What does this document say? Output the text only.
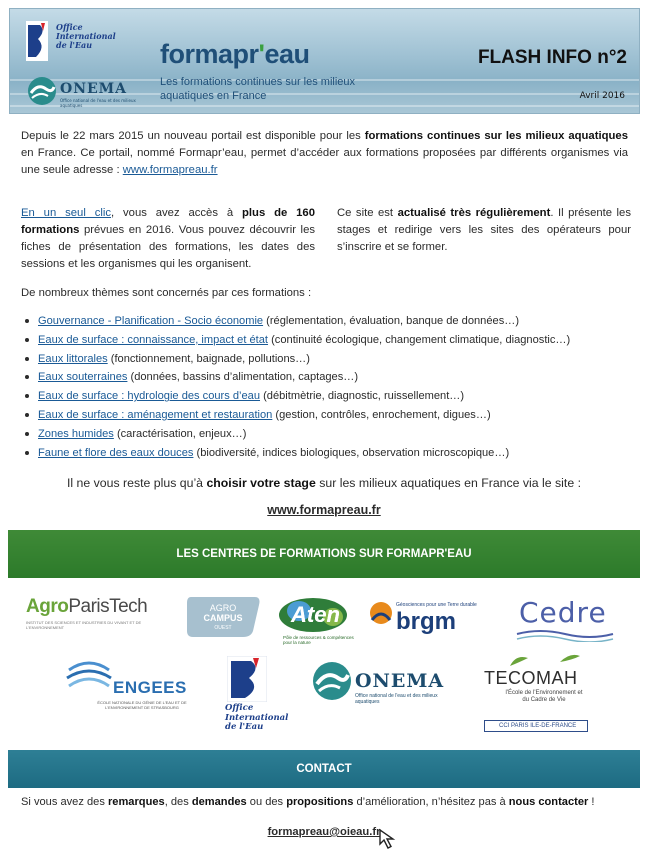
Office
International
de l'Eau
ONEMA
Office national de l'eau et des milieux aquatiques
formapr'eau
Les formations continues sur les milieux aquatiques en France
FLASH INFO n°2
Avril 2016

Depuis le 22 mars 2015 un nouveau portail est disponible pour les formations continues sur les milieux aquatiques en France. Ce portail, nommé Formapr’eau, permet d’accéder aux formations proposées par différents organismes via une seule adresse : www.formapreau.fr

En un seul clic, vous avez accès à plus de 160 formations prévues en 2016. Vous pouvez découvrir les fiches de présentation des formations, les dates des sessions et les organismes qui les organisent.
Ce site est actualisé très régulièrement. Il présente les stages et redirige vers les sites des opérateurs pour s’inscrire et se former.
De nombreux thèmes sont concernés par ces formations :
Gouvernance - Planification - Socio économie (réglementation, évaluation, banque de données…)
Eaux de surface : connaissance, impact et état (continuité écologique, changement climatique, diagnostic…)
Eaux littorales (fonctionnement, baignade, pollutions…)
Eaux souterraines (données, bassins d’alimentation, captages…)
Eaux de surface : hydrologie des cours d’eau (débitmètrie, diagnostic, ruissellement…)
Eaux de surface : aménagement et restauration (gestion, contrôles, enrochement, digues…)
Zones humides (caractérisation, enjeux…)
Faune et flore des eaux douces (biodiversité, indices biologiques, observation microscopique…)
Il ne vous reste plus qu’à choisir votre stage sur les milieux aquatiques en France via le site :
www.formapreau.fr
LES CENTRES DE FORMATIONS SUR FORMAPR'EAU
AgroParisTech
INSTITUT DES SCIENCES ET INDUSTRIES DU VIVANT ET DE L'ENVIRONNEMENT
AGRO
CAMPUS
OUEST
Aten
Pôle de ressources & compétences pour la nature
Géosciences pour une Terre durable
brgm Cedre
ENGEES
ÉCOLE NATIONALE DU GÉNIE DE L'EAU ET DE L'ENVIRONNEMENT DE STRASBOURG	Office
International
de l'Eau
ONEMA
Office national de l'eau et des milieux aquatiques
TECOMAH
l'École de l'Environnement et du Cadre de Vie
CCI PARIS ILE-DE-FRANCE
CONTACT
Si vous avez des remarques, des demandes ou des propositions d’amélioration, n’hésitez pas à nous contacter !
formapreau@oieau.fr
